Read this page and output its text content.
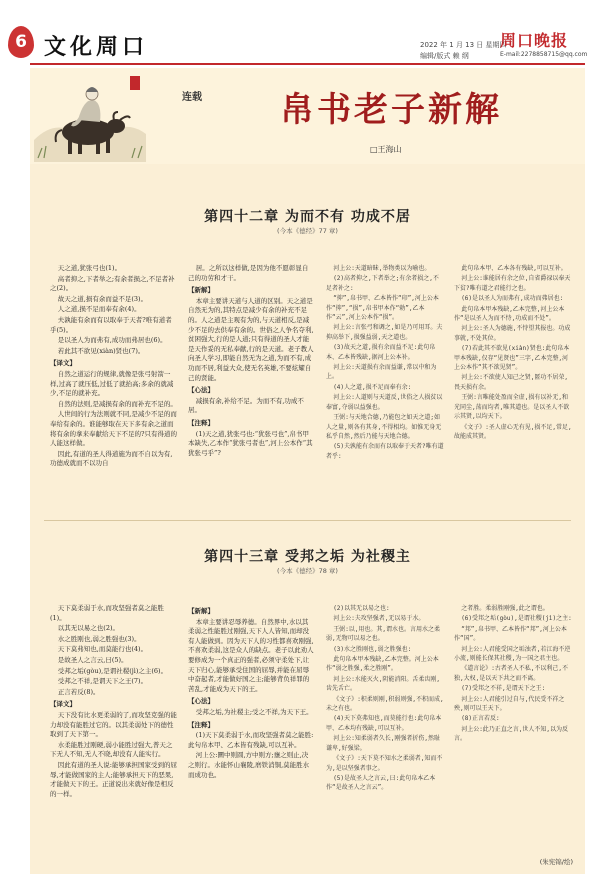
6 文化周口	2022 年 1 月 13 日 星期四
编辑/版式 赖 纲
周口晚报
E-mail:2278858715@qq.com
连载 帛书老子新解
□王海山
第四十二章 为而不有 功成不居
(今本《德经》77 章)

天之道,犹张弓也(1)。

高者抑之,下者举之;有余者损之,不足者补之(2)。

故天之道,损有余而益不足(3)。

人之道,损不足而奉有余(4)。

夫孰能有余而有以取奉于天者?唯有道者乎(5)。

是以圣人为而弗有,成功而弗居也(6)。

若此其不欲见(xiàn)贤也(7)。

【译文】

自然之道运行的规律,就像是张弓射箭一样,过高了就压低,过低了就抬高;多余的就减少,不足的就补充。

自然的法则,是减损有余的而补充不足的。

人世间的行为法则就不同,是减少不足的而奉给有余的。谁能够取在天下多有余之道而将有余的拿来奉献给天下不足的?只有得道的人能这样做。

因此,有道的圣人得道施为而不自以为有,功德成就而不以功自

居。之所以这样做,是因为他不愿彰显自己的功劳和才干。

【新解】

本章主要讲天道与人道的区别。天之道是自然无为的,其特点是减少有余的补充不足的。人之道是主观有为的,与天道相反,是减少不足的去供奉有余的。世俗之人争名夺利,贫困强大,行的是人道;只有得道的圣人才能是天作妥的无私奉献,行的是天道。老子教人向圣人学习,即能自然无为之道,为而不有,成功而不居,利益大众,使无名英雄,不要炫耀自己的贤能。

【心法】

减损有余,补给不足。为而不有,功成不居。

【注释】

(1)天之道,犹张弓也:“犹张弓也”,帛书甲本缺失,乙本作“犹张弓者也”,河上公本作“其犹张弓乎”?

河上公:天道暗昧,举物类以为喻也。

(2)高者抑之,下者举之;有余者损之,不足者补之:

“抑”,帛书甲、乙本皆作“印”,河上公本作“抑”,“损”,帛书甲本作“勅”,乙本作“云”,河上公本作“损”。

河上公:言张弓和调之,如是乃可用耳。夫抑高举下,损强益弱,天之道也。

(3)故天之道,损有余而益不足:此句帛本、乙本皆残缺,据河上公本补。

河上公:天道损有余而益谦,常以中和为上。

(4)人之道,损不足而奉有余:

河上公:人道则与天道反,世俗之人损贫以奉富,夺弱以益强也。

王弼:与天地合德,乃能包之如天之道;如人之量,则各有其身,不得相均。如惟无身无私乎自然,然后乃能与天地合德。

(5)夫孰能有余而有以取奉于天者?唯有道者乎:

此句帛本甲、乙本各有残缺,可以互补。

河上公:谁能居有余之位,自省爵禄以奉天下贫?唯有道之君能行之也。

(6)是以圣人为而弗有,成功而弗居也:

此句帛本甲本残缺,乙本完整,河上公本作“是以圣人为而不恃,功成而不处”。

河上公:圣人为德施,不恃望其报也。功成事就,不处其位。

(7)若此其不欲见(xiàn)贤也:此句帛本甲本残缺,仅存“见贤也”三字,乙本完整,河上公本作“其不欲见贤”。

河上公:不欲使人知己之贤,匿功不居荣,畏天损有余。

王弼:言唯能处盈而全虚,损有以补无,和光同尘,荡而均者,唯其道也。是以圣人不欲示其贤,以均天下。

《文子》:圣人虚心无有见,损不足,常足,故能成其贤。

第四十三章 受邦之垢 为社稷主
(今本《德经》78 章)

天下莫柔弱于水,而攻坚强者莫之能胜(1)。

以其无以易之也(2)。

水之胜刚也,弱之胜强也(3)。

天下莫弗知也,而莫能行也(4)。

是故圣人之言云,曰(5)。

受邦之垢(gòu),是谓社稷(jì)之主(6)。

受邦之不祥,是谓天下之王(7)。

正言若反(8)。

【译文】

天下没有比水更柔弱的了,而攻坚克强的能力却没有能胜过它的。以其柔弱处下的德性取到了天下第一。

水柔能胜过刚硬,弱小能胜过强大,普天之下无人不知,无人不晓,却没有人能实行。

因此有道的圣人说:能够承担国家受到的屈辱,才能做国家的主人;能够承担天下的恶果,才能做天下的王。正道说出来就好像是相反的一样。

【新解】

本章主要讲忍辱养德。自然界中,水以其柔弱之性能胜过刚强,天下人人皆知,而却没有人能做到。因为天下人的习性都喜欢刚强,不喜欢柔弱,这是众人的缺点。老子以此劝人要修成为一个真正的强者,必须守柔处下,让天下归心,能够承受住国的屈辱,并能在屈辱中奋起者,才能做好国之主;能够背负祥罪的苦乱,才能成为天下的王。

【心法】

受邦之垢,为社稷主;受之不祥,为天下王。

【注释】

(1)天下莫柔弱于水,而攻坚强者莫之能胜:此句帛本甲、乙本皆有残缺,可以互补。

河上公:圜中则圆,方中则方;壅之则止,决之则行。水能怀山襄陵,磨铁消铜,莫能胜水而成功也。

(2)以其无以易之也:

河上公:夫攻坚强者,无以易于水。

王弼:以,用也。其,谓水也。言用水之柔弱,无物可以易之也。

(3)水之胜刚也,弱之胜强也:

此句帛本甲本残缺,乙本完整。河上公本作“弱之胜强,柔之胜刚”。

河上公:水能灭火,阴能消阳。舌柔齿刚,齿先舌亡。

《文子》:积柔则刚,积弱则强,不积而成,未之有也。

(4)天下莫弗知也,而莫能行也:此句帛本甲、乙本均有残缺,可以互补。

河上公:知柔弱者久长,刚强者折伤,然耻谦卑,好强梁。

《文子》:天下莫不知水之柔弱者,知而不为,是以坚强者事之。

(5)是故圣人之言云,曰:此句帛本乙本作“是故圣人之言云”。

之者胜。柔弱胜刚强,此之谓也。

(6)受邦之垢(gòu),是谓社稷(jì)之主:

“邦”,帛书甲、乙本皆作“邦”,河上公本作“国”。

河上公:人君能受国之垢浊者,若江海不逆小流,则能长保其社稷,为一国之君主也。

《道言论》:古者圣人不私,不以利己,不独,大权,是以天下共之而不离。

(7)受邦之不祥,是谓天下之王:

河上公:人君能引过自与,代民受不祥之殃,则可以王天下。

(8)正言若反:

河上公:此乃正直之言,世人不知,以为反言。

(朱宪锦/绘)
